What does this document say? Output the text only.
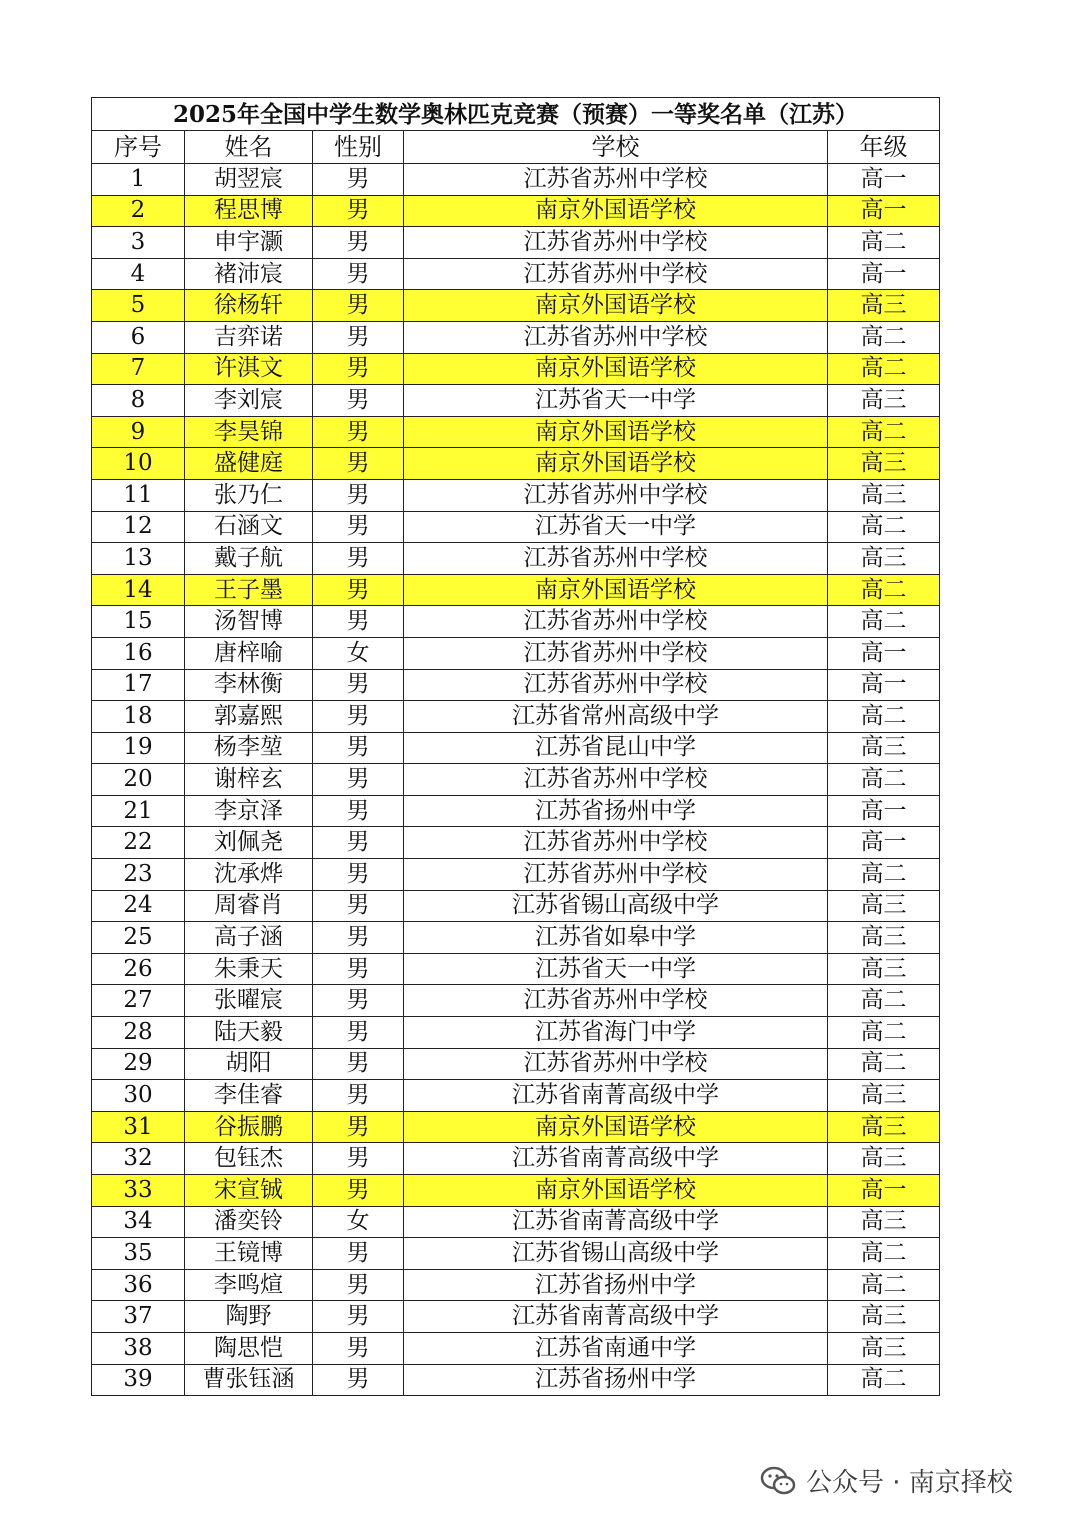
2025年全国中学生数学奥林匹克竞赛（预赛）一等奖名单（江苏）				
序号	姓名	性别	学校	年级
1	胡翌宸	男	江苏省苏州中学校	高一
2	程思博	男	南京外国语学校	高一
3	申宇灏	男	江苏省苏州中学校	高二
4	褚沛宸	男	江苏省苏州中学校	高一
5	徐杨轩	男	南京外国语学校	高三
6	吉弈诺	男	江苏省苏州中学校	高二
7	许淇文	男	南京外国语学校	高二
8	李刘宸	男	江苏省天一中学	高三
9	李昊锦	男	南京外国语学校	高二
10	盛健庭	男	南京外国语学校	高三
11	张乃仁	男	江苏省苏州中学校	高三
12	石涵文	男	江苏省天一中学	高二
13	戴子航	男	江苏省苏州中学校	高三
14	王子墨	男	南京外国语学校	高二
15	汤智博	男	江苏省苏州中学校	高二
16	唐梓喻	女	江苏省苏州中学校	高一
17	李林衡	男	江苏省苏州中学校	高一
18	郭嘉熙	男	江苏省常州高级中学	高二
19	杨李堃	男	江苏省昆山中学	高三
20	谢梓玄	男	江苏省苏州中学校	高二
21	李京泽	男	江苏省扬州中学	高一
22	刘佩尧	男	江苏省苏州中学校	高一
23	沈承烨	男	江苏省苏州中学校	高二
24	周睿肖	男	江苏省锡山高级中学	高三
25	高子涵	男	江苏省如皋中学	高三
26	朱秉天	男	江苏省天一中学	高三
27	张曜宸	男	江苏省苏州中学校	高二
28	陆天毅	男	江苏省海门中学	高二
29	胡阳	男	江苏省苏州中学校	高二
30	李佳睿	男	江苏省南菁高级中学	高三
31	谷振鹏	男	南京外国语学校	高三
32	包钰杰	男	江苏省南菁高级中学	高三
33	宋宣铖	男	南京外国语学校	高一
34	潘奕铃	女	江苏省南菁高级中学	高三
35	王镜博	男	江苏省锡山高级中学	高二
36	李鸣煊	男	江苏省扬州中学	高二
37	陶野	男	江苏省南菁高级中学	高三
38	陶思恺	男	江苏省南通中学	高三
39	曹张钰涵	男	江苏省扬州中学	高二
公众号 · 南京择校
